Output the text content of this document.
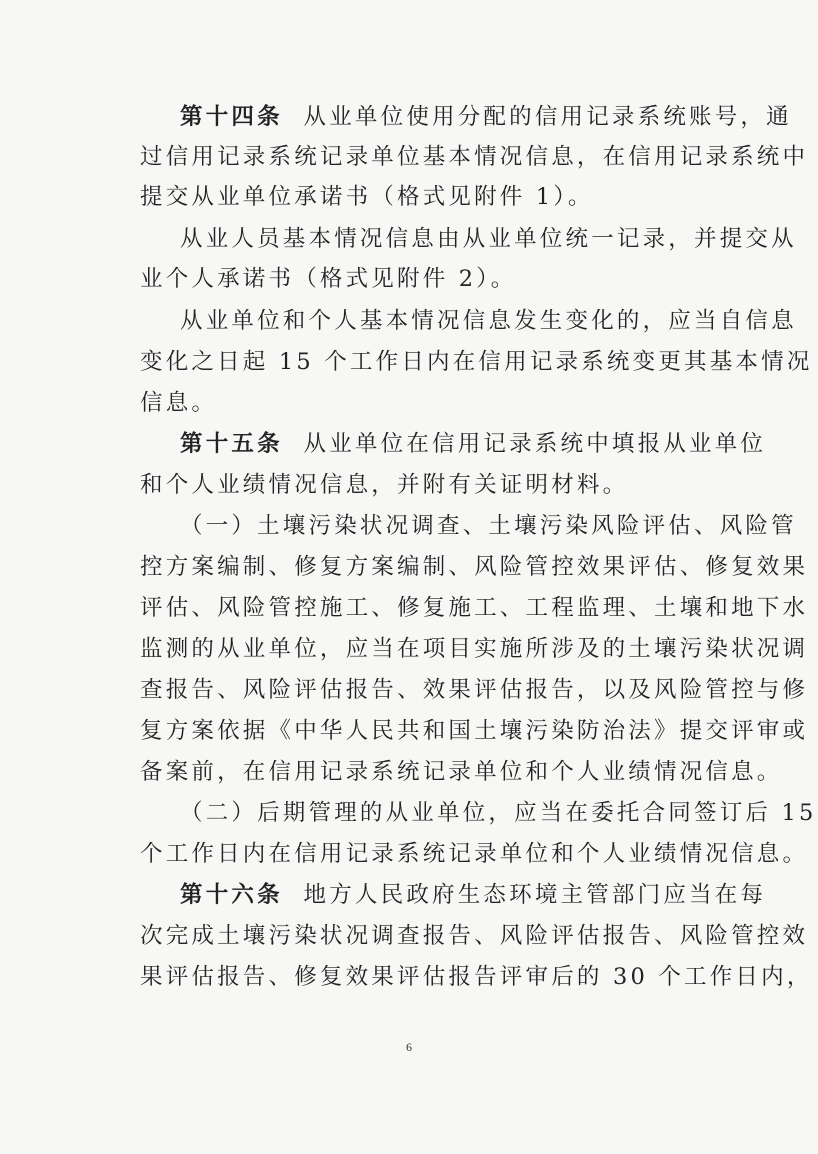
第十四条 从业单位使用分配的信用记录系统账号，通
过信用记录系统记录单位基本情况信息，在信用记录系统中
提交从业单位承诺书（格式见附件 1）。
从业人员基本情况信息由从业单位统一记录，并提交从
业个人承诺书（格式见附件 2）。
从业单位和个人基本情况信息发生变化的，应当自信息
变化之日起 15 个工作日内在信用记录系统变更其基本情况
信息。
第十五条 从业单位在信用记录系统中填报从业单位
和个人业绩情况信息，并附有关证明材料。
（一）土壤污染状况调查、土壤污染风险评估、风险管
控方案编制、修复方案编制、风险管控效果评估、修复效果
评估、风险管控施工、修复施工、工程监理、土壤和地下水
监测的从业单位，应当在项目实施所涉及的土壤污染状况调
查报告、风险评估报告、效果评估报告，以及风险管控与修
复方案依据《中华人民共和国土壤污染防治法》提交评审或
备案前，在信用记录系统记录单位和个人业绩情况信息。
（二）后期管理的从业单位，应当在委托合同签订后 15
个工作日内在信用记录系统记录单位和个人业绩情况信息。
第十六条 地方人民政府生态环境主管部门应当在每
次完成土壤污染状况调查报告、风险评估报告、风险管控效
果评估报告、修复效果评估报告评审后的 30 个工作日内，
6
